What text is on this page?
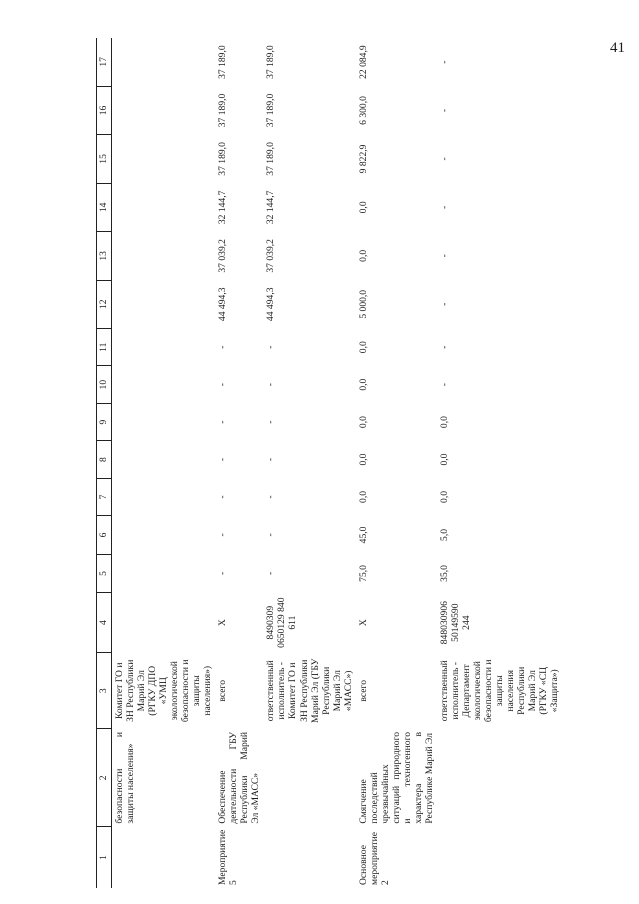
41
1	2	3	4	5	6	7	8	9	10	11	12	13	14	15	16	17
	безопасности и защиты населения»	Комитет ГО и ЗН Республики Марий Эл (РГКУ ДПО «УМЦ экологической безопасности и защиты населения»)														
Мероприятие 5	Обеспечение деятельности ГБУ Республики Марий Эл «МАСС»	всего	Х	-	-	-	-	-	-	-	44 494,3	37 039,2	32 144,7	37 189,0	37 189,0	37 189,0
		ответственный исполнитель - Комитет ГО и ЗН Республики Марий Эл (ГБУ Республики Марий Эл «МАСС»)	8490309 0650129 840 611	-	-	-	-	-	-	-	44 494,3	37 039,2	32 144,7	37 189,0	37 189,0	37 189,0
Основное мероприятие 2	Смягчение последствий чрезвычайных ситуаций природного и техногенного характера в Республике Марий Эл	всего	Х	75,0	45,0	0,0	0,0	0,0	0,0	0,0	5 000,0	0,0	0,0	9 822,9	6 300,0	22 084,9
		ответственный исполнитель - Департамент экологической безопасности и защиты населения Республики Марий Эл (РГКУ «СЦ «Защита»)	848030906 50149590 244	35,0	5,0	0,0	0,0	0,0	-	-	-	-	-	-	-	-
